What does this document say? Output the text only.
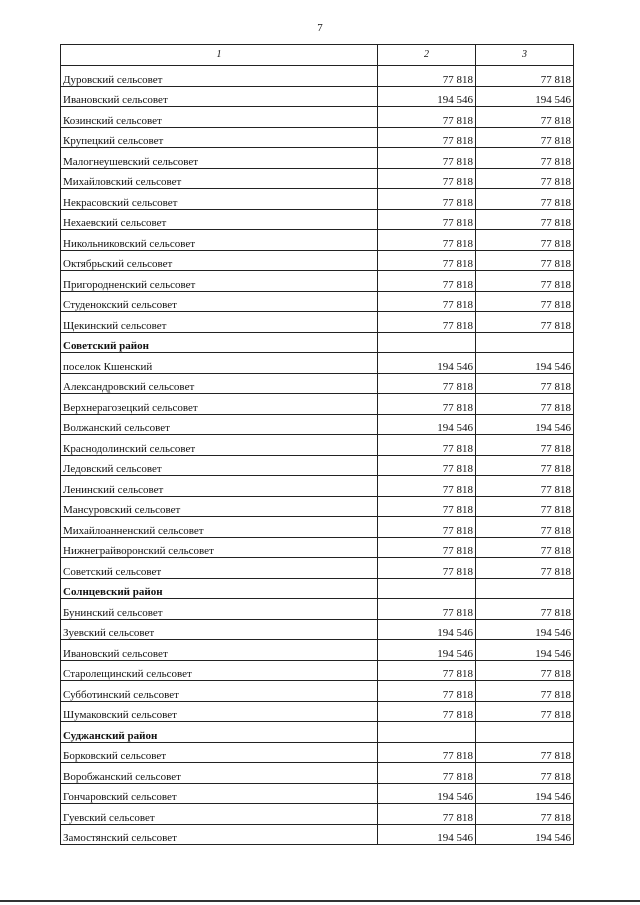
7
1	2	3
Дуровский сельсовет	77 818	77 818
Ивановский сельсовет	194 546	194 546
Козинский сельсовет	77 818	77 818
Крупецкий сельсовет	77 818	77 818
Малогнеушевский сельсовет	77 818	77 818
Михайловский сельсовет	77 818	77 818
Некрасовский сельсовет	77 818	77 818
Нехаевский сельсовет	77 818	77 818
Никольниковский сельсовет	77 818	77 818
Октябрьский сельсовет	77 818	77 818
Пригородненский сельсовет	77 818	77 818
Студенокский сельсовет	77 818	77 818
Щекинский сельсовет	77 818	77 818
Советский район		
поселок Кшенский	194 546	194 546
Александровский сельсовет	77 818	77 818
Верхнерагозецкий сельсовет	77 818	77 818
Волжанский сельсовет	194 546	194 546
Краснодолинский сельсовет	77 818	77 818
Ледовский сельсовет	77 818	77 818
Ленинский сельсовет	77 818	77 818
Мансуровский сельсовет	77 818	77 818
Михайлоанненский сельсовет	77 818	77 818
Нижнеграйворонский сельсовет	77 818	77 818
Советский сельсовет	77 818	77 818
Солнцевский район		
Бунинский сельсовет	77 818	77 818
Зуевский сельсовет	194 546	194 546
Ивановский сельсовет	194 546	194 546
Старолещинский сельсовет	77 818	77 818
Субботинский сельсовет	77 818	77 818
Шумаковский сельсовет	77 818	77 818
Суджанский район		
Борковский сельсовет	77 818	77 818
Воробжанский сельсовет	77 818	77 818
Гончаровский сельсовет	194 546	194 546
Гуевский сельсовет	77 818	77 818
Замостянский сельсовет	194 546	194 546
